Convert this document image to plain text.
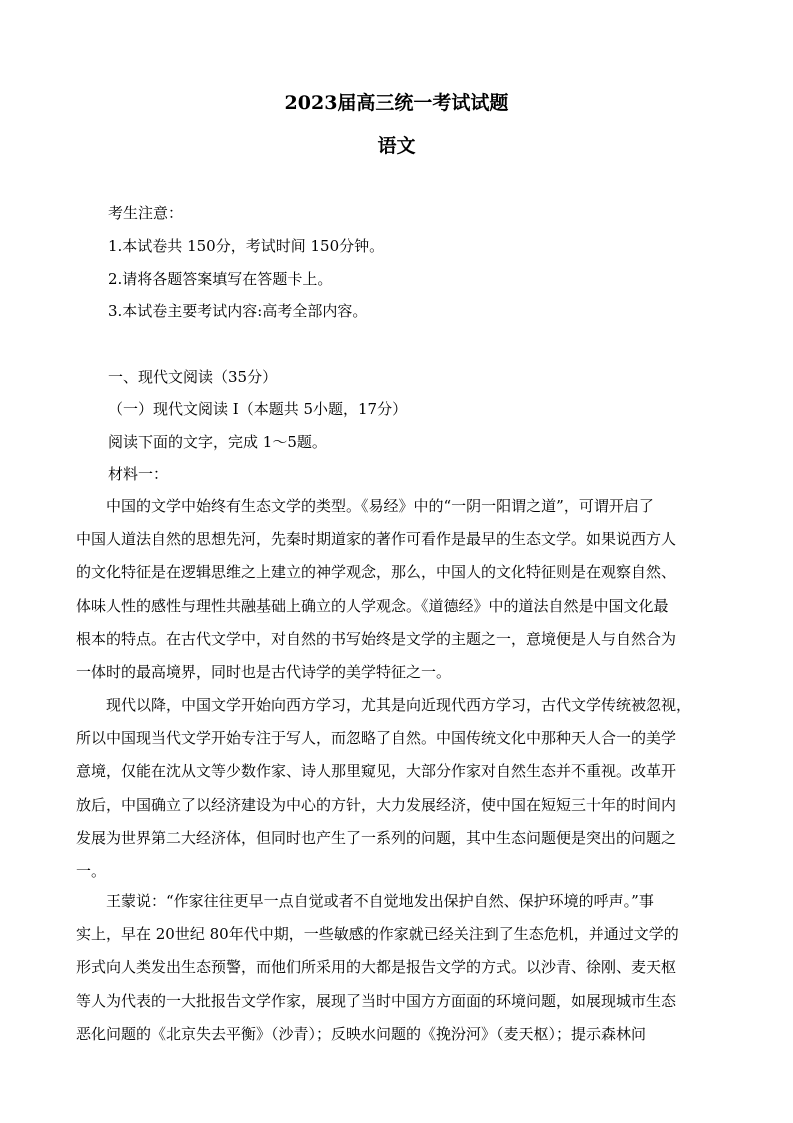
2023届高三统一考试试题
语文
考生注意：
1.本试卷共 150分，考试时间 150分钟。
2.请将各题答案填写在答题卡上。
3.本试卷主要考试内容:高考全部内容。
一、现代文阅读（35分）
（一）现代文阅读 I（本题共 5小题，17分）
阅读下面的文字，完成 1～5题。
材料一：
中国的文学中始终有生态文学的类型。《易经》中的“一阴一阳谓之道”，可谓开启了
中国人道法自然的思想先河，先秦时期道家的著作可看作是最早的生态文学。如果说西方人
的文化特征是在逻辑思维之上建立的神学观念，那么，中国人的文化特征则是在观察自然、
体味人性的感性与理性共融基础上确立的人学观念。《道德经》中的道法自然是中国文化最
根本的特点。在古代文学中，对自然的书写始终是文学的主题之一，意境便是人与自然合为
一体时的最高境界，同时也是古代诗学的美学特征之一。
现代以降，中国文学开始向西方学习，尤其是向近现代西方学习，古代文学传统被忽视，
所以中国现当代文学开始专注于写人，而忽略了自然。中国传统文化中那种天人合一的美学
意境，仅能在沈从文等少数作家、诗人那里窥见，大部分作家对自然生态并不重视。改革开
放后，中国确立了以经济建设为中心的方针，大力发展经济，使中国在短短三十年的时间内
发展为世界第二大经济体，但同时也产生了一系列的问题，其中生态问题便是突出的问题之
一。
王蒙说：“作家往往更早一点自觉或者不自觉地发出保护自然、保护环境的呼声。”事
实上，早在 20世纪 80年代中期，一些敏感的作家就已经关注到了生态危机，并通过文学的
形式向人类发出生态预警，而他们所采用的大都是报告文学的方式。以沙青、徐刚、麦天枢
等人为代表的一大批报告文学作家，展现了当时中国方方面面的环境问题，如展现城市生态
恶化问题的《北京失去平衡》（沙青）；反映水问题的《挽汾河》（麦天枢）；提示森林问
